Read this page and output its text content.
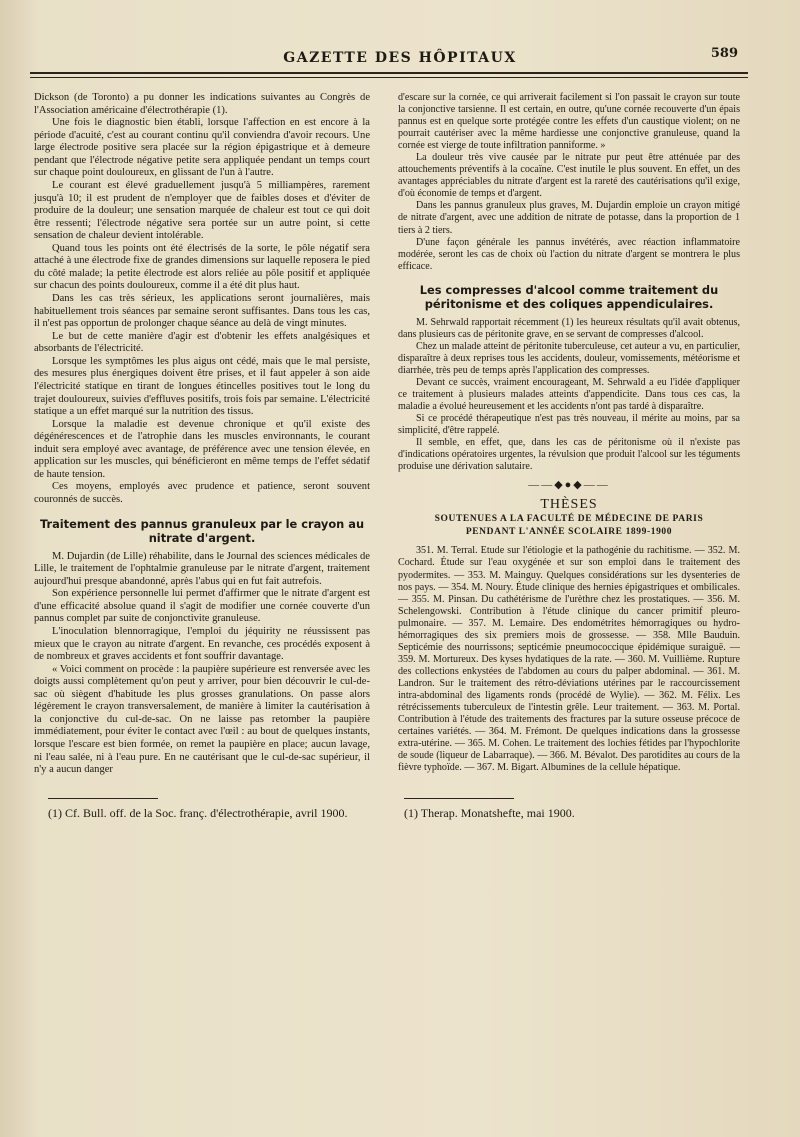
GAZETTE DES HÔPITAUX	589

Dickson (de Toronto) a pu donner les indications suivantes au Congrès de l'Association américaine d'électrothérapie (1).

Une fois le diagnostic bien établi, lorsque l'affection en est encore à la période d'acuité, c'est au courant continu qu'il conviendra d'avoir recours. Une large électrode positive sera placée sur la région épigastrique et à demeure pendant que l'électrode négative petite sera appliquée pendant un temps court sur chaque point douloureux, en glissant de l'un à l'autre.

Le courant est élevé graduellement jusqu'à 5 milliampères, rarement jusqu'à 10; il est prudent de n'employer que de faibles doses et d'éviter de produire de la douleur; une sensation marquée de chaleur est tout ce qui doit être ressenti; l'électrode négative sera portée sur un autre point, si cette sensation de chaleur devient intolérable.

Quand tous les points ont été électrisés de la sorte, le pôle négatif sera attaché à une électrode fixe de grandes dimensions sur laquelle reposera le pied du côté malade; la petite électrode est alors reliée au pôle positif et appliquée sur chacun des points douloureux, comme il a été dit plus haut.

Dans les cas très sérieux, les applications seront journalières, mais habituellement trois séances par semaine seront suffisantes. Dans tous les cas, il n'est pas opportun de prolonger chaque séance au delà de vingt minutes.

Le but de cette manière d'agir est d'obtenir les effets analgésiques et absorbants de l'électricité.

Lorsque les symptômes les plus aigus ont cédé, mais que le mal persiste, des mesures plus énergiques doivent être prises, et il faut appeler à son aide l'électricité statique en tirant de longues étincelles positives tout le long du trajet douloureux, suivies d'effluves positifs, trois fois par semaine. L'électricité statique a un effet marqué sur la nutrition des tissus.

Lorsque la maladie est devenue chronique et qu'il existe des dégénérescences et de l'atrophie dans les muscles environnants, le courant induit sera employé avec avantage, de préférence avec une tension élevée, en application sur les muscles, qui bénéficieront en même temps de l'effet sédatif de haute tension.

Ces moyens, employés avec prudence et patience, seront souvent couronnés de succès.

Traitement des pannus granuleux par le crayon au nitrate d'argent.

M. Dujardin (de Lille) réhabilite, dans le Journal des sciences médicales de Lille, le traitement de l'ophtalmie granuleuse par le nitrate d'argent, traitement aujourd'hui presque abandonné, après l'abus qui en fut fait autrefois.

Son expérience personnelle lui permet d'affirmer que le nitrate d'argent est d'une efficacité absolue quand il s'agit de modifier une cornée couverte d'un pannus complet par suite de conjonctivite granuleuse.

L'inoculation blennorragique, l'emploi du jéquirity ne réussissent pas mieux que le crayon au nitrate d'argent. En revanche, ces procédés exposent à de nombreux et graves accidents et font souffrir davantage.

« Voici comment on procède : la paupière supérieure est renversée avec les doigts aussi complètement qu'on peut y arriver, pour bien découvrir le cul-de-sac où siègent d'habitude les plus grosses granulations. On passe alors légèrement le crayon transversalement, de manière à limiter la cautérisation à la conjonctive du cul-de-sac. On ne laisse pas retomber la paupière immédiatement, pour éviter le contact avec l'œil : au bout de quelques instants, lorsque l'escare est bien formée, on remet la paupière en place; aucun lavage, ni l'eau salée, ni à l'eau pure. En ne cautérisant que le cul-de-sac supérieur, il n'y a aucun danger

d'escare sur la cornée, ce qui arriverait facilement si l'on passait le crayon sur toute la conjonctive tarsienne. Il est certain, en outre, qu'une cornée recouverte d'un épais pannus est en quelque sorte protégée contre les effets d'un caustique violent; on ne pourrait cautériser avec la même hardiesse une conjonctive granuleuse, quand la cornée est vierge de toute infiltration panniforme. »

La douleur très vive causée par le nitrate pur peut être atténuée par des attouchements préventifs à la cocaïne. C'est inutile le plus souvent. En effet, un des avantages appréciables du nitrate d'argent est la rareté des cautérisations qu'il exige, d'où économie de temps et d'argent.

Dans les pannus granuleux plus graves, M. Dujardin emploie un crayon mitigé de nitrate d'argent, avec une addition de nitrate de potasse, dans la proportion de 1 tiers à 2 tiers.

D'une façon générale les pannus invétérés, avec réaction inflammatoire modérée, seront les cas de choix où l'action du nitrate d'argent se montrera le plus efficace.

Les compresses d'alcool comme traitement du péritonisme et des coliques appendiculaires.

M. Sehrwald rapportait récemment (1) les heureux résultats qu'il avait obtenus, dans plusieurs cas de péritonite grave, en se servant de compresses d'alcool.

Chez un malade atteint de péritonite tuberculeuse, cet auteur a vu, en particulier, disparaître à deux reprises tous les accidents, douleur, vomissements, météorisme et diarrhée, très peu de temps après l'application des compresses.

Devant ce succès, vraiment encourageant, M. Sehrwald a eu l'idée d'appliquer ce traitement à plusieurs malades atteints d'appendicite. Dans tous ces cas, la maladie a évolué heureusement et les accidents n'ont pas tardé à disparaître.

Si ce procédé thérapeutique n'est pas très nouveau, il mérite au moins, par sa simplicité, d'être rappelé.

Il semble, en effet, que, dans les cas de péritonisme où il n'existe pas d'indications opératoires urgentes, la révulsion que produit l'alcool sur les téguments produise une dérivation salutaire.

——◆●◆——
THÈSES
SOUTENUES A LA FACULTÉ DE MÉDECINE DE PARIS
PENDANT L'ANNÉE SCOLAIRE 1899-1900

351. M. Terral. Etude sur l'étiologie et la pathogénie du rachitisme. — 352. M. Cochard. Étude sur l'eau oxygénée et sur son emploi dans le traitement des pyodermites. — 353. M. Mainguy. Quelques considérations sur les dysenteries de nos pays. — 354. M. Noury. Étude clinique des hernies épigastriques et ombilicales. — 355. M. Pinsan. Du cathétérisme de l'urèthre chez les prostatiques. — 356. M. Schelengowski. Contribution à l'étude clinique du cancer primitif pleuro-pulmonaire. — 357. M. Lemaire. Des endométrites hémorragiques ou hydro-hémorragiques des six premiers mois de grossesse. — 358. Mlle Bauduin. Septicémie des nourrissons; septicémie pneumococcique épidémique suraiguë. — 359. M. Mortureux. Des kyses hydatiques de la rate. — 360. M. Vuillième. Rupture des collections enkystées de l'abdomen au cours du palper abdominal. — 361. M. Landron. Sur le traitement des rétro-déviations utérines par le raccourcissement intra-abdominal des ligaments ronds (procédé de Wylie). — 362. M. Félix. Les rétrécissements tuberculeux de l'intestin grêle. Leur traitement. — 363. M. Portal. Contribution à l'étude des traitements des fractures par la suture osseuse précoce de certaines variétés. — 364. M. Frémont. De quelques indications dans la grossesse extra-utérine. — 365. M. Cohen. Le traitement des lochies fétides par l'hypochlorite de soude (liqueur de Labarraque). — 366. M. Bévalot. Des parotidites au cours de la fièvre typhoïde. — 367. M. Bigart. Albumines de la cellule hépatique.

(1) Cf. Bull. off. de la Soc. franç. d'électrothérapie, avril 1900.	(1) Therap. Monatshefte, mai 1900.
